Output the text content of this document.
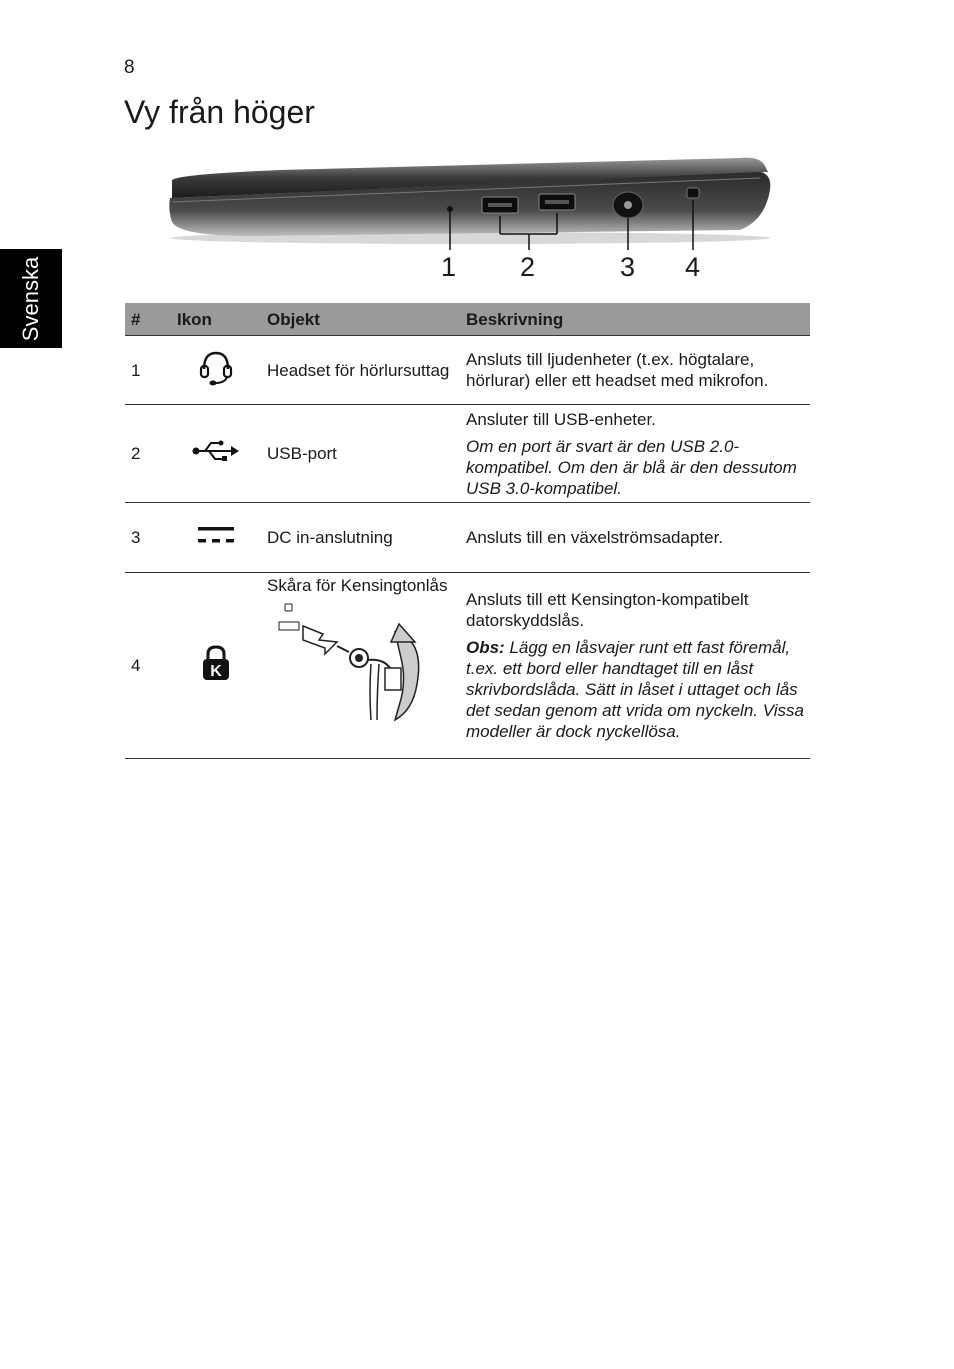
8
Vy från höger
Svenska	1 2	3 4
#	Ikon	Objekt	Beskrivning
1		Headset för hörlursuttag	Ansluts till ljudenheter (t.ex. högtalare, hörlurar) eller ett headset med mikrofon.

2		USB-port	Ansluter till USB-enheter.

Om en port är svart är den USB 2.0-kompatibel. Om den är blå är den dessutom USB 3.0-kompatibel.

3		DC in-anslutning	Ansluts till en växelströmsadapter.

4	K	Skåra för Kensingtonlås	Ansluts till ett Kensington-kompatibelt datorskyddslås.

Obs: Lägg en låsvajer runt ett fast föremål, t.ex. ett bord eller handtaget till en låst skrivbordslåda. Sätt in låset i uttaget och lås det sedan genom att vrida om nyckeln. Vissa modeller är dock nyckellösa.
